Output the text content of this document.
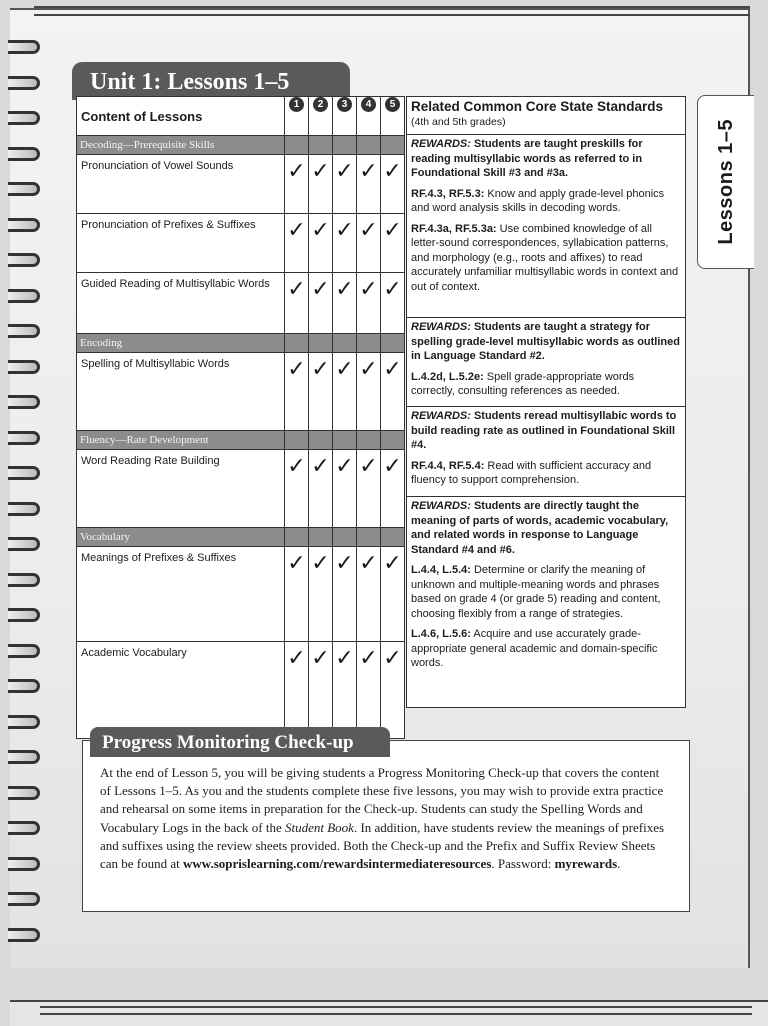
Lessons 1–5
Unit 1: Lessons 1–5
Content of Lessons	1	2	3	4	5
Decoding—Prerequisite Skills					
Pronunciation of Vowel Sounds	✓	✓	✓	✓	✓

Pronunciation of Prefixes & Suffixes	✓	✓	✓	✓	✓

Guided Reading of Multisyllabic Words	✓	✓	✓	✓	✓

Encoding					
Spelling of Multisyllabic Words	✓	✓	✓	✓	✓

Fluency—Rate Development					
Word Reading Rate Building	✓	✓	✓	✓	✓

Vocabulary					
Meanings of Prefixes & Suffixes	✓	✓	✓	✓	✓

Academic Vocabulary	✓	✓	✓	✓	✓
Related Common Core State Standards
(4th and 5th grades)

REWARDS: Students are taught preskills for reading multisyllabic words as referred to in Foundational Skill #3 and #3a.

RF.4.3, RF.5.3: Know and apply grade-level phonics and word analysis skills in decoding words.

RF.4.3a, RF.5.3a: Use combined knowledge of all letter-sound correspondences, syllabication patterns, and morphology (e.g., roots and affixes) to read accurately unfamiliar multisyllabic words in context and out of context.

REWARDS: Students are taught a strategy for spelling grade-level multisyllabic words as outlined in Language Standard #2.

L.4.2d, L.5.2e: Spell grade-appropriate words correctly, consulting references as needed.

REWARDS: Students reread multisyllabic words to build reading rate as outlined in Foundational Skill #4.

RF.4.4, RF.5.4: Read with sufficient accuracy and fluency to support comprehension.

REWARDS: Students are directly taught the meaning of parts of words, academic vocabulary, and related words in response to Language Standard #4 and #6.

L.4.4, L.5.4: Determine or clarify the meaning of unknown and multiple-meaning words and phrases based on grade 4 (or grade 5) reading and content, choosing flexibly from a range of strategies.

L.4.6, L.5.6: Acquire and use accurately grade-appropriate general academic and domain-specific words.

Progress Monitoring Check-up
At the end of Lesson 5, you will be giving students a Progress Monitoring Check-up that covers the content of Lessons 1–5. As you and the students complete these five lessons, you may wish to provide extra practice and rehearsal on some items in preparation for the Check-up. Students can study the Spelling Words and Vocabulary Logs in the back of the Student Book. In addition, have students review the meanings of prefixes and suffixes using the review sheets provided. Both the Check-up and the Prefix and Suffix Review Sheets can be found at www.soprislearning.com/rewardsintermediateresources. Password: myrewards.
